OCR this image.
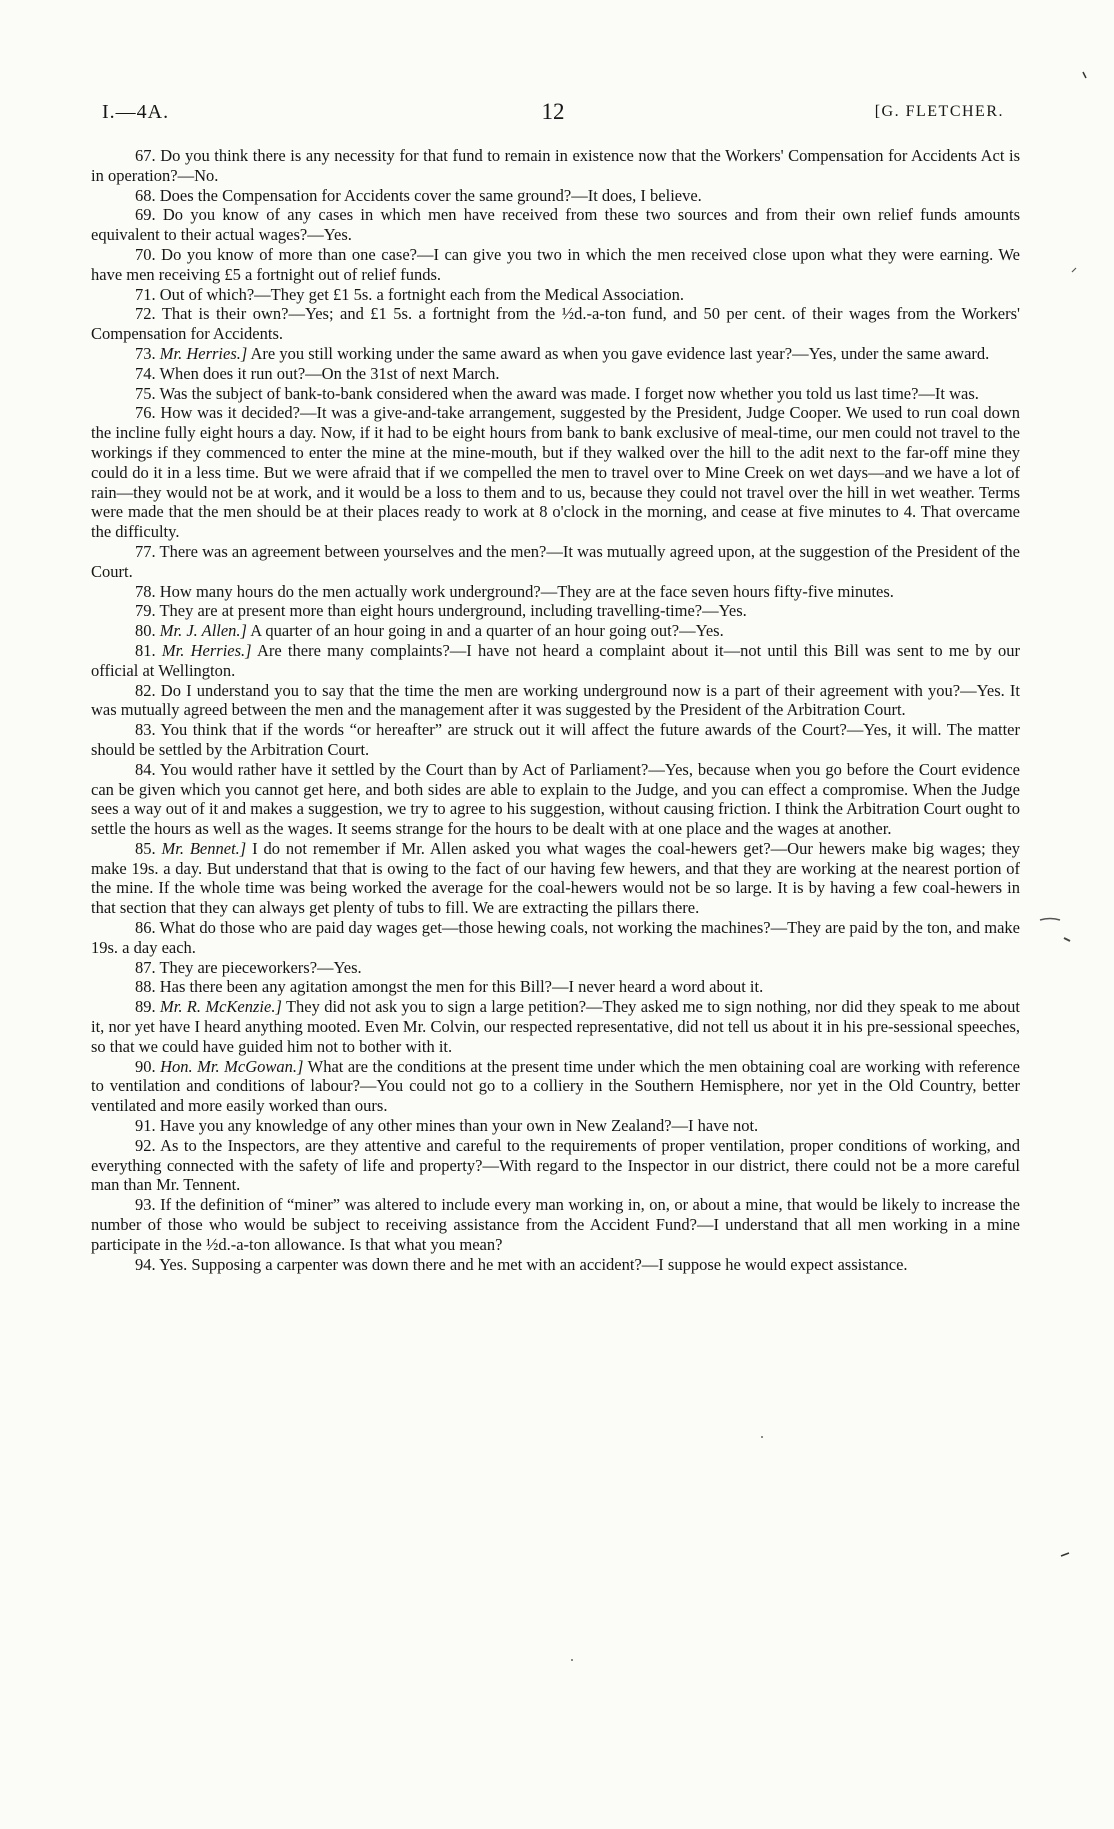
I.—4A.	12	[G. FLETCHER.

67. Do you think there is any necessity for that fund to remain in existence now that the Workers' Compensation for Accidents Act is in operation?—No.

68. Does the Compensation for Accidents cover the same ground?—It does, I believe.

69. Do you know of any cases in which men have received from these two sources and from their own relief funds amounts equivalent to their actual wages?—Yes.

70. Do you know of more than one case?—I can give you two in which the men received close upon what they were earning. We have men receiving £5 a fortnight out of relief funds.

71. Out of which?—They get £1 5s. a fortnight each from the Medical Association.

72. That is their own?—Yes; and £1 5s. a fortnight from the ½d.-a-ton fund, and 50 per cent. of their wages from the Workers' Compensation for Accidents.

73. Mr. Herries.] Are you still working under the same award as when you gave evidence last year?—Yes, under the same award.

74. When does it run out?—On the 31st of next March.

75. Was the subject of bank-to-bank considered when the award was made. I forget now whether you told us last time?—It was.

76. How was it decided?—It was a give-and-take arrangement, suggested by the President, Judge Cooper. We used to run coal down the incline fully eight hours a day. Now, if it had to be eight hours from bank to bank exclusive of meal-time, our men could not travel to the workings if they commenced to enter the mine at the mine-mouth, but if they walked over the hill to the adit next to the far-off mine they could do it in a less time. But we were afraid that if we compelled the men to travel over to Mine Creek on wet days—and we have a lot of rain—they would not be at work, and it would be a loss to them and to us, because they could not travel over the hill in wet weather. Terms were made that the men should be at their places ready to work at 8 o'clock in the morning, and cease at five minutes to 4. That overcame the difficulty.

77. There was an agreement between yourselves and the men?—It was mutually agreed upon, at the suggestion of the President of the Court.

78. How many hours do the men actually work underground?—They are at the face seven hours fifty-five minutes.

79. They are at present more than eight hours underground, including travelling-time?—Yes.

80. Mr. J. Allen.] A quarter of an hour going in and a quarter of an hour going out?—Yes.

81. Mr. Herries.] Are there many complaints?—I have not heard a complaint about it—not until this Bill was sent to me by our official at Wellington.

82. Do I understand you to say that the time the men are working underground now is a part of their agreement with you?—Yes. It was mutually agreed between the men and the management after it was suggested by the President of the Arbitration Court.

83. You think that if the words “or hereafter” are struck out it will affect the future awards of the Court?—Yes, it will. The matter should be settled by the Arbitration Court.

84. You would rather have it settled by the Court than by Act of Parliament?—Yes, because when you go before the Court evidence can be given which you cannot get here, and both sides are able to explain to the Judge, and you can effect a compromise. When the Judge sees a way out of it and makes a suggestion, we try to agree to his suggestion, without causing friction. I think the Arbitration Court ought to settle the hours as well as the wages. It seems strange for the hours to be dealt with at one place and the wages at another.

85. Mr. Bennet.] I do not remember if Mr. Allen asked you what wages the coal-hewers get?—Our hewers make big wages; they make 19s. a day. But understand that that is owing to the fact of our having few hewers, and that they are working at the nearest portion of the mine. If the whole time was being worked the average for the coal-hewers would not be so large. It is by having a few coal-hewers in that section that they can always get plenty of tubs to fill. We are extracting the pillars there.

86. What do those who are paid day wages get—those hewing coals, not working the machines?—They are paid by the ton, and make 19s. a day each.

87. They are pieceworkers?—Yes.

88. Has there been any agitation amongst the men for this Bill?—I never heard a word about it.

89. Mr. R. McKenzie.] They did not ask you to sign a large petition?—They asked me to sign nothing, nor did they speak to me about it, nor yet have I heard anything mooted. Even Mr. Colvin, our respected representative, did not tell us about it in his pre-sessional speeches, so that we could have guided him not to bother with it.

90. Hon. Mr. McGowan.] What are the conditions at the present time under which the men obtaining coal are working with reference to ventilation and conditions of labour?—You could not go to a colliery in the Southern Hemisphere, nor yet in the Old Country, better ventilated and more easily worked than ours.

91. Have you any knowledge of any other mines than your own in New Zealand?—I have not.

92. As to the Inspectors, are they attentive and careful to the requirements of proper ventilation, proper conditions of working, and everything connected with the safety of life and property?—With regard to the Inspector in our district, there could not be a more careful man than Mr. Tennent.

93. If the definition of “miner” was altered to include every man working in, on, or about a mine, that would be likely to increase the number of those who would be subject to receiving assistance from the Accident Fund?—I understand that all men working in a mine participate in the ½d.-a-ton allowance. Is that what you mean?

94. Yes. Supposing a carpenter was down there and he met with an accident?—I suppose he would expect assistance.
